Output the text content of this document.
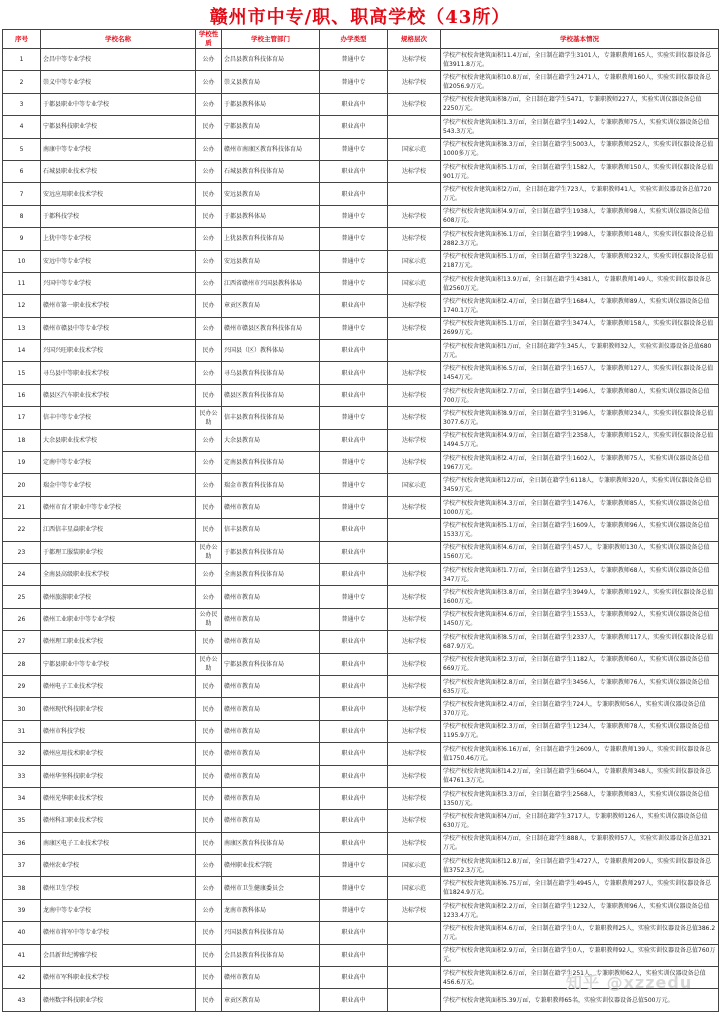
赣州市中专/职、职高学校（43所）
序号	学校名称	学校性质	学校主管部门	办学类型	规格层次	学校基本情况
1	会昌中等专业学校	公办	会昌县教育科技体育局	普通中专	达标学校	学校产权校舍建筑面积11.4万㎡，全日制在籍学生3101人，专兼职教师165人，实验实训仪器设备总值3911.8万元。
2	崇义中等专业学校	公办	崇义县教育局	普通中专	达标学校	学校产权校舍建筑面积10.8万㎡，全日制在籍学生2471人，专兼职教师160人，实验实训仪器设备总值2056.9万元。
3	于都县职业中等专业学校	公办	于都县教科体局	职业高中	达标学校	学校产权校舍建筑面积8万㎡，全日制在籍学生5471，专兼职教师227人，实验实训仪器设备总值2250万元。
4	宁都县科技职业学校	民办	宁都县教育局	职业高中		学校产权校舍建筑面积1.3万㎡，全日制在籍学生1492人，专兼职教师75人，实验实训仪器设备总值543.3万元。
5	南康中等专业学校	公办	赣州市南康区教育科技体育局	普通中专	国家示范	学校产权校舍建筑面积8.3万㎡，全日制在籍学生5003人，专兼职教师252人，实验实训仪器设备总值1000多万元。
6	石城县职业技术学校	公办	石城县教育科技体育局	职业高中	达标学校	学校产权校舍建筑面积5.1万㎡，全日制在籍学生1582人，专兼职教师150人，实验实训仪器设备总值901万元。
7	安远应用职业技术学校	民办	安远县教育局	职业高中		学校产权校舍建筑面积2万㎡，全日制在籍学生723人，专兼职教师41人，实验实训仪器设备总值720万元。
8	于都科技学校	民办	于都县教科体局	普通中专	达标学校	学校产权校舍建筑面积4.9万㎡，全日制在籍学生1938人，专兼职教师98人，实验实训仪器设备总值608万元。
9	上犹中等专业学校	公办	上犹县教育科技体育局	普通中专	达标学校	学校产权校舍建筑面积6.1万㎡，全日制在籍学生1998人，专兼职教师148人，实验实训仪器设备总值2882.3万元。
10	安远中等专业学校	公办	安远县教育局	普通中专	国家示范	学校产权校舍建筑面积5.1万㎡，全日制在籍学生3228人，专兼职教师232人，实验实训仪器设备总值2187万元。
11	兴国中等专业学校	公办	江西省赣州市兴国县教科体局	普通中专	国家示范	学校产权校舍建筑面积13.9万㎡，全日制在籍学生4381人，专兼职教师149人，实验实训仪器设备总值2560万元。
12	赣州市第一职业技术学校	民办	章贡区教育局	职业高中	达标学校	学校产权校舍建筑面积2.4万㎡，全日制在籍学生1684人，专兼职教师89人，实验实训仪器设备总值1740.1万元。
13	赣州市赣县中等专业学校	公办	赣州市赣县区教育科技体育局	普通中专	达标学校	学校产权校舍建筑面积5.1万㎡，全日制在籍学生3474人，专兼职教师158人，实验实训仪器设备总值2699万元。
14	兴国兴旺职业技术学校	民办	兴国县（区）教科体局	职业高中		学校产权校舍建筑面积1万㎡，全日制在籍学生345人，专兼职教师32人，实验实训仪器设备总值680万元。
15	寻乌县中等职业技术学校	公办	寻乌县教育科技体育局	职业高中	达标学校	学校产权校舍建筑面积6.5万㎡，全日制在籍学生1657人，专兼职教师127人，实验实训仪器设备总值1454万元。
16	赣县区汽车职业技术学校	民办	赣县区教育科技体育局	职业高中	达标学校	学校产权校舍建筑面积2.7万㎡，全日制在籍学生1496人，专兼职教师80人，实验实训仪器设备总值700万元。
17	信丰中等专业学校	民办公助	信丰县教育科技体育局	普通中专	达标学校	学校产权校舍建筑面积8.9万㎡，全日制在籍学生3196人，专兼职教师234人，实验实训仪器设备总值3077.6万元。
18	大余县职业技术学校	公办	大余县教育局	职业高中	达标学校	学校产权校舍建筑面积4.9万㎡，全日制在籍学生2358人，专兼职教师152人，实验实训仪器设备总值1494.5万元。
19	定南中等专业学校	公办	定南县教育科技体育局	普通中专	达标学校	学校产权校舍建筑面积2.4万㎡，全日制在籍学生1602人，专兼职教师75人，实验实训仪器设备总值1967万元。
20	瑞金中等专业学校	公办	瑞金市教育科技体育局	普通中专	国家示范	学校产权校舍建筑面积12万㎡，全日制在籍学生6118人，专兼职教师320人，实验实训仪器设备总值3459万元。
21	赣州市育才职业中等专业学校	民办	赣州市教育局	普通中专	达标学校	学校产权校舍建筑面积4.3万㎡，全日制在籍学生1476人，专兼职教师85人，实验实训仪器设备总值1000万元。
22	江西信丰星焱职业学校	民办	信丰县教育局	职业高中		学校产权校舍建筑面积5.1万㎡，全日制在籍学生1609人，专兼职教师96人，实验实训仪器设备总值1533万元。
23	于都理工服装职业学校	民办公助	于都县教育科技体育局	职业高中		学校产权校舍建筑面积4.6万㎡，全日制在籍学生457人，专兼职教师130人，实验实训仪器设备总值1560万元。
24	全南县高级职业技术学校	公办	全南县教育科技体育局	职业高中	达标学校	学校产权校舍建筑面积1.7万㎡，全日制在籍学生1253人，专兼职教师68人，实验实训仪器设备总值347万元。
25	赣州旅游职业学校	公办	赣州市教育局	普通中专	达标学校	学校产权校舍建筑面积3.8万㎡，全日制在籍学生3949人，专兼职教师192人，实验实训仪器设备总值1600万元。
26	赣州工业职业中等专业学校	公办民助	赣州市教育局	普通中专	达标学校	学校产权校舍建筑面积4.6万㎡，全日制在籍学生1553人，专兼职教师92人，实验实训仪器设备总值1450万元。
27	赣州理工职业技术学校	民办	赣州市教育局	职业高中	达标学校	学校产权校舍建筑面积8.5万㎡，全日制在籍学生2337人，专兼职教师117人，实验实训仪器设备总值687.9万元。
28	宁都县职业中等专业学校	民办公助	宁都县教育科技体育局	职业高中	达标学校	学校产权校舍建筑面积2.3万㎡，全日制在籍学生1182人，专兼职教师60人，实验实训仪器设备总值669万元。
29	赣州电子工业技术学校	民办	赣州市教育局	职业高中	达标学校	学校产权校舍建筑面积2.8万㎡，全日制在籍学生3456人，专兼职教师76人，实验实训仪器设备总值635万元。
30	赣州现代科技职业学校	民办	赣州市教育局	职业高中	达标学校	学校产权校舍建筑面积2.4万㎡，全日制在籍学生724人，专兼职教师56人，实验实训仪器设备总值370万元。
31	赣州市科技学校	民办	赣州市教育局	职业高中	达标学校	学校产权校舍建筑面积2.3万㎡，全日制在籍学生1234人，专兼职教师78人，实验实训仪器设备总值1195.9万元。
32	赣州应用技术职业学校	民办	赣州市教育局	职业高中	达标学校	学校产权校舍建筑面积6.16万㎡，全日制在籍学生2609人，专兼职教师139人，实验实训仪器设备总值1750.46万元。
33	赣州华坚科技职业学校	民办	赣州市教育局	职业高中	达标学校	学校产权校舍建筑面积14.2万㎡，全日制在籍学生6604人，专兼职教师348人，实验实训仪器设备总值4761.3万元。
34	赣州光华职业技术学校	民办	赣州市教育局	职业高中	达标学校	学校产权校舍建筑面积3.3万㎡，全日制在籍学生2568人，专兼职教师83人，实验实训仪器设备总值1350万元。
35	赣州科汇职业技术学校	民办	赣州市教育局	职业高中	达标学校	学校产权校舍建筑面积4万㎡，全日制在籍学生3717人，专兼职教师126人，实验实训仪器设备总值630万元。
36	南康区电子工业技术学校	民办	南康区教育科技体育局	职业高中	达标学校	学校产权校舍建筑面积4万㎡，全日制在籍学生888人，专兼职教师57人，实验实训仪器设备总值321万元。
37	赣州农业学校	公办	赣州职业技术学院	普通中专	国家示范	学校产权校舍建筑面积12.8万㎡，全日制在籍学生4727人，专兼职教师209人，实验实训仪器设备总值3752.3万元。
38	赣州卫生学校	公办	赣州市卫生健康委员会	普通中专	国家示范	学校产权校舍建筑面积6.75万㎡，全日制在籍学生4945人，专兼职教师297人，实验实训仪器设备总值1824.9万元。
39	龙南中等专业学校	公办	龙南市教科体局	普通中专	达标学校	学校产权校舍建筑面积2.2万㎡，全日制在籍学生1232人，专兼职教师96人，实验实训仪器设备总值1233.4万元。
40	赣州市将军中等专业学校	民办	兴国县教育科技体育局	职业高中		学校产权校舍建筑面积4.6万㎡，全日制在籍学生0人，专兼职教师25人，实验实训仪器设备总值386.2万元。
41	会昌新世纪博雅学校	民办	会昌县教育科技体育局	职业高中		学校产权校舍建筑面积2.9万㎡，全日制在籍学生0人，专兼职教师92人，实验实训仪器设备总值760万元。
42	赣州市军科职业技术学校	民办	赣州市教育局	职业高中		学校产权校舍建筑面积2.6万㎡，全日制在籍学生251人，专兼职教师62人，实验实训仪器设备总值456.6万元。
43	赣州数字科技职业学校	民办	章贡区教育局	职业高中		学校产权校舍建筑面积5.39万㎡，专兼职教师65名，实验实训仪器设备总值500万元。
知乎 @xzzedu
